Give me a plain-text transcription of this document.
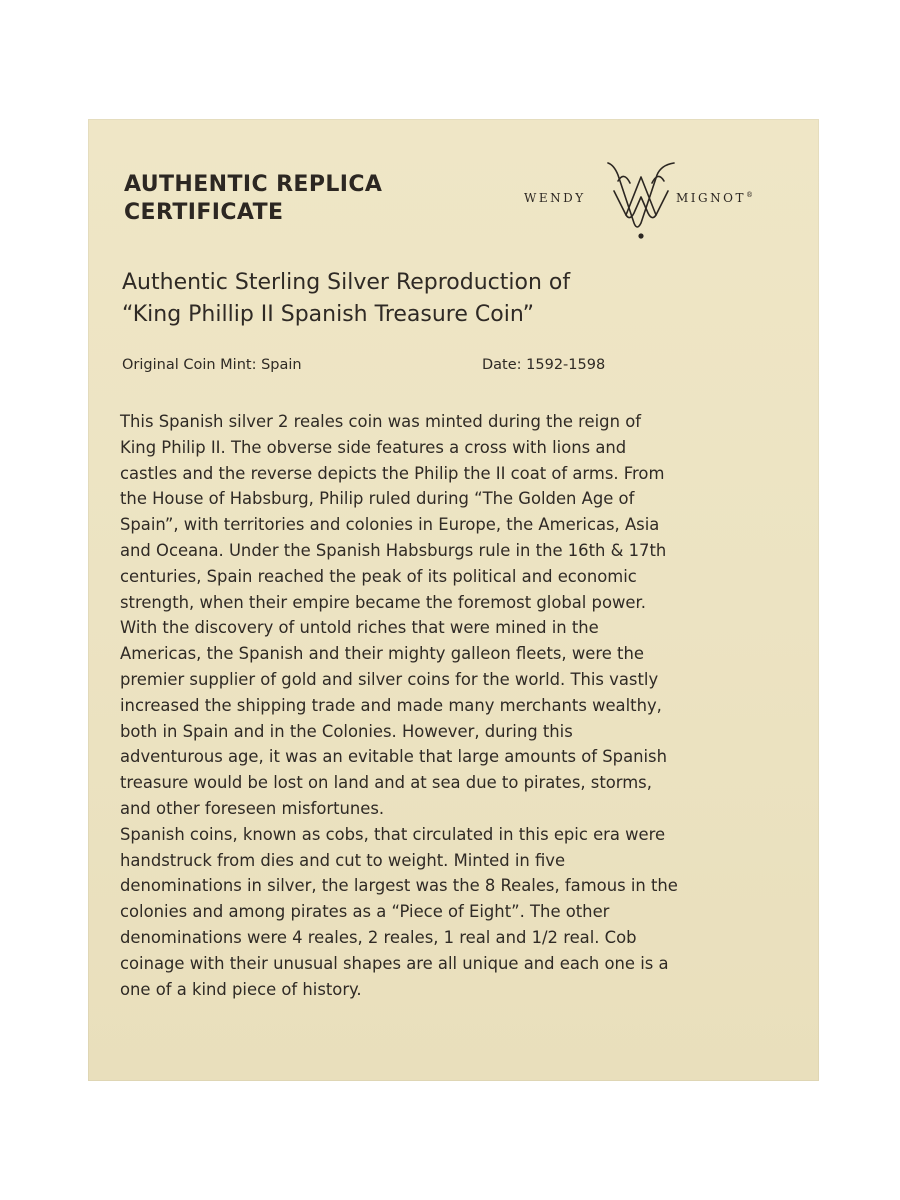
AUTHENTIC REPLICA
CERTIFICATE
WENDY	MIGNOT®
Authentic Sterling Silver Reproduction of
“King Phillip II Spanish Treasure Coin”
Original Coin Mint: Spain	Date: 1592-1598

This Spanish silver 2 reales coin was minted during the reign of
King Philip II. The obverse side features a cross with lions and
castles and the reverse depicts the Philip the II coat of arms. From
the House of Habsburg, Philip ruled during “The Golden Age of
Spain”, with territories and colonies in Europe, the Americas, Asia
and Oceana. Under the Spanish Habsburgs rule in the 16th & 17th
centuries, Spain reached the peak of its political and economic
strength, when their empire became the foremost global power.
With the discovery of untold riches that were mined in the
Americas, the Spanish and their mighty galleon fleets, were the
premier supplier of gold and silver coins for the world. This vastly
increased the shipping trade and made many merchants wealthy,
both in Spain and in the Colonies. However, during this
adventurous age, it was an evitable that large amounts of Spanish
treasure would be lost on land and at sea due to pirates, storms,
and other foreseen misfortunes.
Spanish coins, known as cobs, that circulated in this epic era were
handstruck from dies and cut to weight. Minted in five
denominations in silver, the largest was the 8 Reales, famous in the
colonies and among pirates as a “Piece of Eight”. The other
denominations were 4 reales, 2 reales, 1 real and 1/2 real. Cob
coinage with their unusual shapes are all unique and each one is a
one of a kind piece of history.
